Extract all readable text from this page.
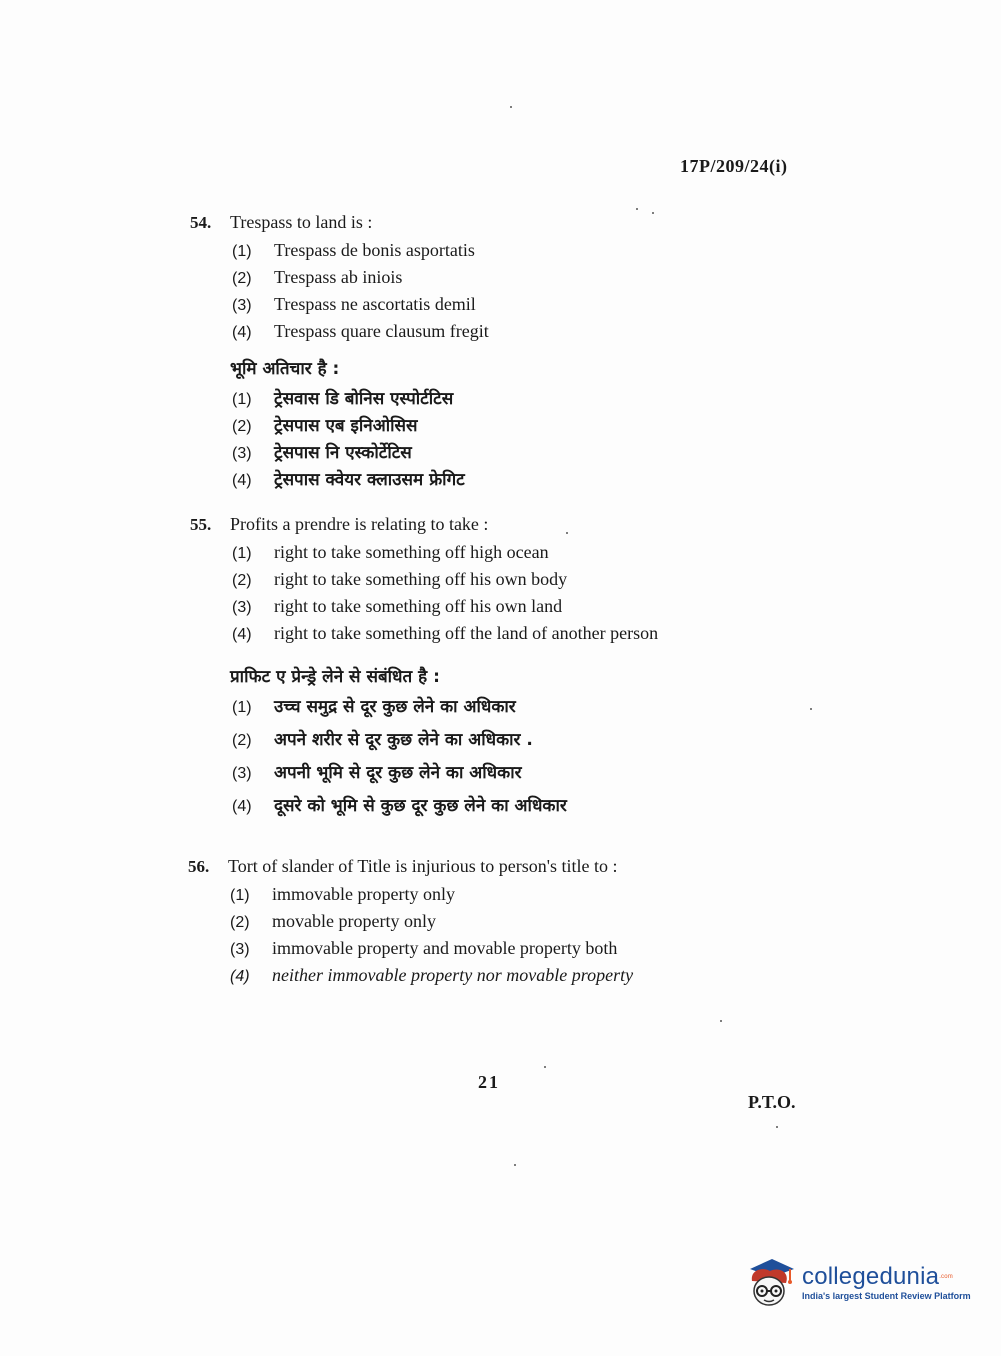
17P/209/24(i)
54.	Trespass to land is :
(1)	Trespass de bonis asportatis
(2)	Trespass ab iniois
(3)	Trespass ne ascortatis demil
(4)	Trespass quare clausum fregit
भूमि अतिचार है :
(1)	ट्रेसवास डि बोनिस एस्पोर्टटिस
(2)	ट्रेसपास एब इनिओसिस
(3)	ट्रेसपास नि एस्कोर्टेटिस
(4)	ट्रेसपास क्वेयर क्लाउसम फ्रेगिट
55.	Profits a prendre is relating to take :
(1)	right to take something off high ocean
(2)	right to take something off his own body
(3)	right to take something off his own land
(4)	right to take something off the land of another person
प्राफिट ए प्रेन्ड्रे लेने से संबंधित है :
(1)	उच्च समुद्र से दूर कुछ लेने का अधिकार
(2)	अपने शरीर से दूर कुछ लेने का अधिकार .
(3)	अपनी भूमि से दूर कुछ लेने का अधिकार
(4)	दूसरे को भूमि से कुछ दूर कुछ लेने का अधिकार
56.	Tort of slander of Title is injurious to person's title to :
(1)	immovable property only
(2)	movable property only
(3)	immovable property and movable property both
(4)	neither immovable property nor movable property
21
P.T.O.
collegedunia$^{.com}$
India's largest Student Review Platform
